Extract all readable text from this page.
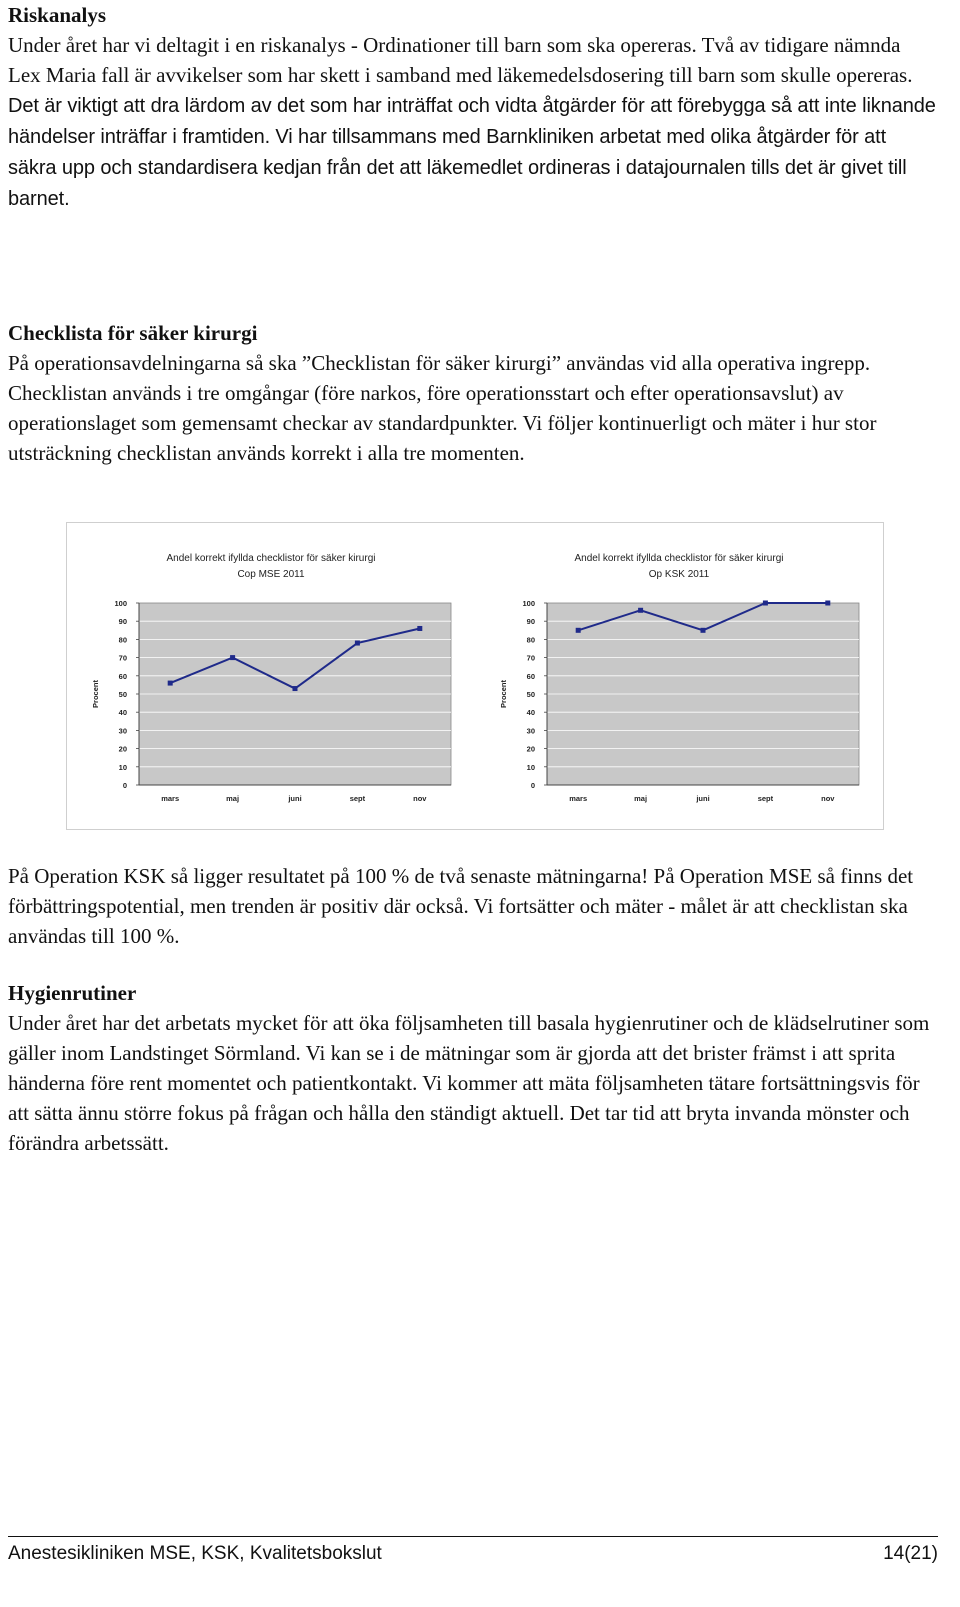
Riskanalys

Under året har vi deltagit i en riskanalys - Ordinationer till barn som ska opereras. Två av tidigare nämnda Lex Maria fall är avvikelser som har skett i samband med läkemedelsdosering till barn som skulle opereras. Det är viktigt att dra lärdom av det som har inträffat och vidta åtgärder för att förebygga så att inte liknande händelser inträffar i framtiden. Vi har tillsammans med Barnkliniken arbetat med olika åtgärder för att säkra upp och standardisera kedjan från det att läkemedlet ordineras i datajournalen tills det är givet till barnet.

Checklista för säker kirurgi

På operationsavdelningarna så ska ”Checklistan för säker kirurgi” användas vid alla operativa ingrepp. Checklistan används i tre omgångar (före narkos, före operationsstart och efter operationsavslut) av operationslaget som gemensamt checkar av standardpunkter. Vi följer kontinuerligt och mäter i hur stor utsträckning checklistan används korrekt i alla tre momenten.

Andel korrekt ifyllda checklistor för säker kirurgi
Cop MSE 2011
0
10
20
30
40
50
60
70
80
90
100
mars	maj	juni	sept	nov
Procent
Andel korrekt ifyllda checklistor för säker kirurgi
Op KSK 2011
0
10
20
30
40
50
60
70
80
90
100
mars	maj	juni	sept	nov
Procent

På Operation KSK så ligger resultatet på 100 % de två senaste mätningarna! På Operation MSE så finns det förbättringspotential, men trenden är positiv där också. Vi fortsätter och mäter - målet är att checklistan ska användas till 100 %.

Hygienrutiner

Under året har det arbetats mycket för att öka följsamheten till basala hygienrutiner och de klädselrutiner som gäller inom Landstinget Sörmland. Vi kan se i de mätningar som är gjorda att det brister främst i att sprita händerna före rent momentet och patientkontakt. Vi kommer att mäta följsamheten tätare fortsättningsvis för att sätta ännu större fokus på frågan och hålla den ständigt aktuell. Det tar tid att bryta invanda mönster och förändra arbetssätt.

Anestesikliniken MSE, KSK, Kvalitetsbokslut	14(21)
